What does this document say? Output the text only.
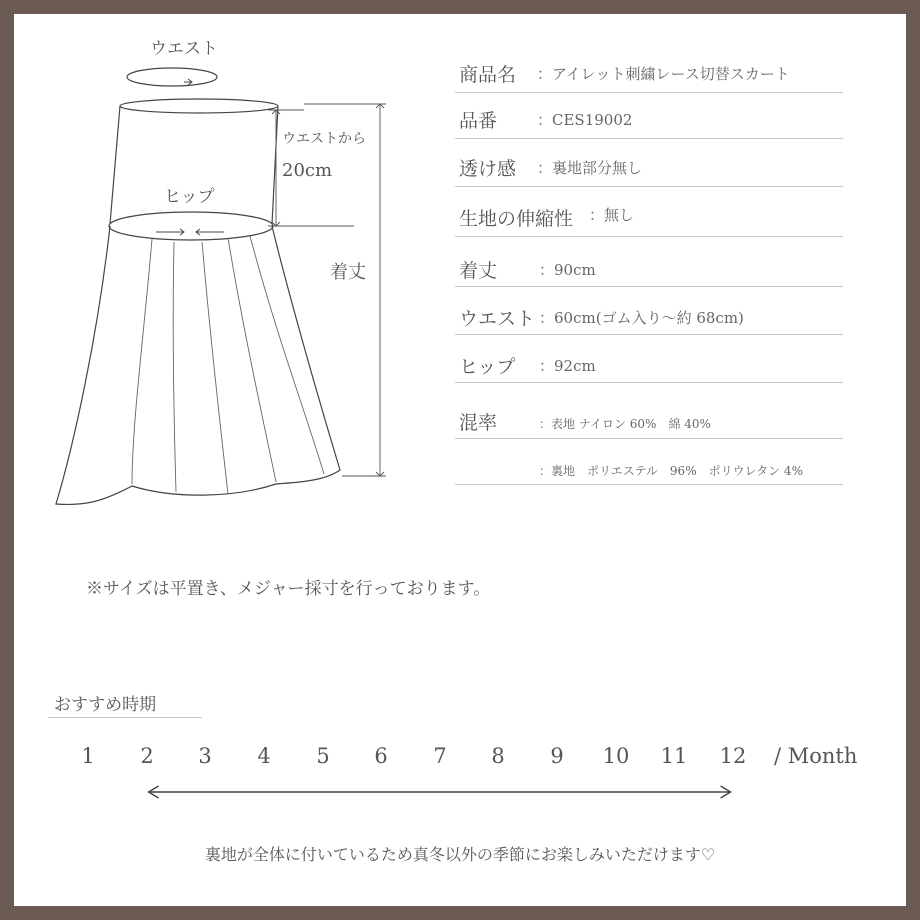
ウエスト
ウエストから
20cm
ヒップ
着丈
商品名 ：アイレット刺繍レース切替スカート
品番	：CES19002
透け感 ：裏地部分無し
生地の伸縮性 ：無し
着丈	：90cm
ウエスト ：60cm(ゴム入り〜約 68cm)
ヒップ ：92cm
混率	：表地 ナイロン 60%　綿 40%
：裏地　ポリエステル　96%　ポリウレタン 4%
※サイズは平置き、メジャー採寸を行っております。
おすすめ時期
1	2	3	4	5	6	7	8	9	10	11	12	/ Month
裏地が全体に付いているため真冬以外の季節にお楽しみいただけます♡
